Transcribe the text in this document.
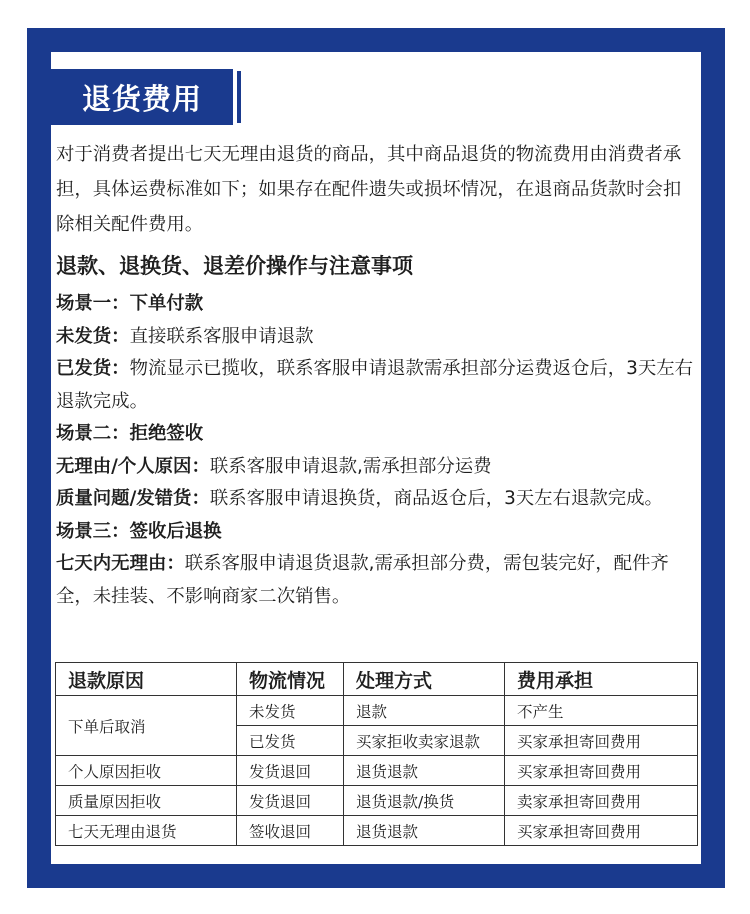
退货费用

对于消费者提出七天无理由退货的商品，其中商品退货的物流费用由消费者承担，具体运费标准如下；如果存在配件遗失或损坏情况，在退商品货款时会扣除相关配件费用。

退款、退换货、退差价操作与注意事项

场景一：下单付款

未发货：直接联系客服申请退款

已发货：物流显示已揽收，联系客服申请退款需承担部分运费返仓后，3天左右退款完成。

场景二：拒绝签收

无理由/个人原因：联系客服申请退款,需承担部分运费

质量问题/发错货：联系客服申请退换货，商品返仓后，3天左右退款完成。

场景三：签收后退换

七天内无理由：联系客服申请退货退款,需承担部分费，需包装完好，配件齐全，未挂装、不影响商家二次销售。

退款原因	物流情况	处理方式	费用承担
下单后取消	未发货	退款	不产生
	已发货	买家拒收卖家退款	买家承担寄回费用
个人原因拒收	发货退回	退货退款	买家承担寄回费用
质量原因拒收	发货退回	退货退款/换货	卖家承担寄回费用
七天无理由退货	签收退回	退货退款	买家承担寄回费用
